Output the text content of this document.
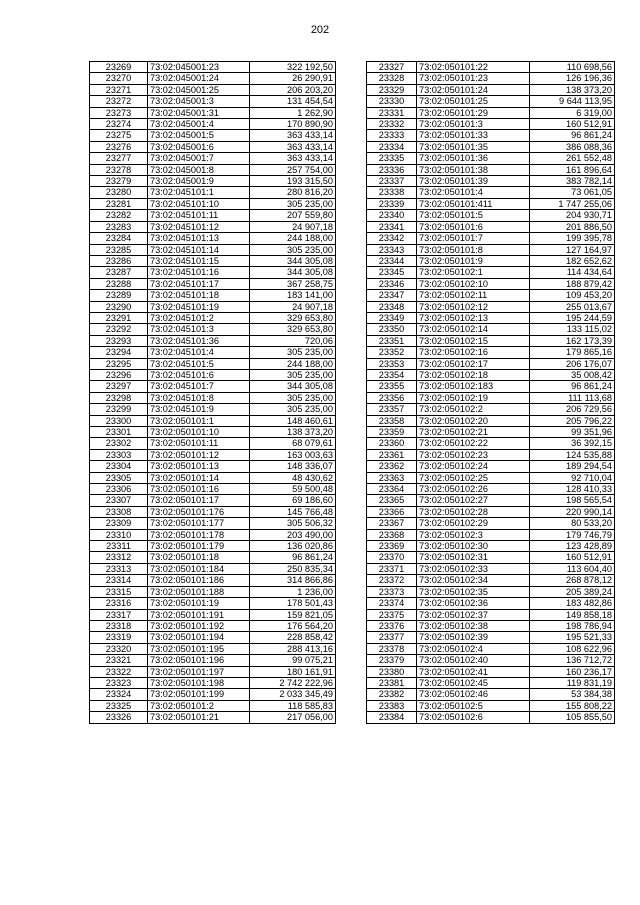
202
23269	73:02:045001:23	322 192,50
23270	73:02:045001:24	26 290,91
23271	73:02:045001:25	206 203,20
23272	73:02:045001:3	131 454,54
23273	73:02:045001:31	1 262,90
23274	73:02:045001:4	170 890,90
23275	73:02:045001:5	363 433,14
23276	73:02:045001:6	363 433,14
23277	73:02:045001:7	363 433,14
23278	73:02:045001:8	257 754,00
23279	73:02:045001:9	193 315,50
23280	73:02:045101:1	280 816,20
23281	73:02:045101:10	305 235,00
23282	73:02:045101:11	207 559,80
23283	73:02:045101:12	24 907,18
23284	73:02:045101:13	244 188,00
23285	73:02:045101:14	305 235,00
23286	73:02:045101:15	344 305,08
23287	73:02:045101:16	344 305,08
23288	73:02:045101:17	367 258,75
23289	73:02:045101:18	183 141,00
23290	73:02:045101:19	24 907,18
23291	73:02:045101:2	329 653,80
23292	73:02:045101:3	329 653,80
23293	73:02:045101:36	720,06
23294	73:02:045101:4	305 235,00
23295	73:02:045101:5	244 188,00
23296	73:02:045101:6	305 235,00
23297	73:02:045101:7	344 305,08
23298	73:02:045101:8	305 235,00
23299	73:02:045101:9	305 235,00
23300	73:02:050101:1	148 460,61
23301	73:02:050101:10	138 373,20
23302	73:02:050101:11	68 079,61
23303	73:02:050101:12	163 003,63
23304	73:02:050101:13	148 336,07
23305	73:02:050101:14	48 430,62
23306	73:02:050101:16	59 500,48
23307	73:02:050101:17	69 186,60
23308	73:02:050101:176	145 766,48
23309	73:02:050101:177	305 506,32
23310	73:02:050101:178	203 490,00
23311	73:02:050101:179	136 020,86
23312	73:02:050101:18	96 861,24
23313	73:02:050101:184	250 835,34
23314	73:02:050101:186	314 866,86
23315	73:02:050101:188	1 236,00
23316	73:02:050101:19	178 501,43
23317	73:02:050101:191	159 821,05
23318	73:02:050101:192	176 564,20
23319	73:02:050101:194	228 858,42
23320	73:02:050101:195	288 413,16
23321	73:02:050101:196	99 075,21
23322	73:02:050101:197	180 161,91
23323	73:02:050101:198	2 742 222,96
23324	73:02:050101:199	2 033 345,49
23325	73:02:050101:2	118 585,83
23326	73:02:050101:21	217 056,00
23327	73:02:050101:22	110 698,56
23328	73:02:050101:23	126 196,36
23329	73:02:050101:24	138 373,20
23330	73:02:050101:25	9 644 113,95
23331	73:02:050101:29	6 319,00
23332	73:02:050101:3	160 512,91
23333	73:02:050101:33	96 861,24
23334	73:02:050101:35	386 088,36
23335	73:02:050101:36	261 552,48
23336	73:02:050101:38	161 896,64
23337	73:02:050101:39	383 782,14
23338	73:02:050101:4	73 061,05
23339	73:02:050101:411	1 747 255,06
23340	73:02:050101:5	204 930,71
23341	73:02:050101:6	201 886,50
23342	73:02:050101:7	199 395,78
23343	73:02:050101:8	127 164,97
23344	73:02:050101:9	182 652,62
23345	73:02:050102:1	114 434,64
23346	73:02:050102:10	188 879,42
23347	73:02:050102:11	109 453,20
23348	73:02:050102:12	255 013,67
23349	73:02:050102:13	195 244,59
23350	73:02:050102:14	133 115,02
23351	73:02:050102:15	162 173,39
23352	73:02:050102:16	179 865,16
23353	73:02:050102:17	206 176,07
23354	73:02:050102:18	35 008,42
23355	73:02:050102:183	96 861,24
23356	73:02:050102:19	111 113,68
23357	73:02:050102:2	206 729,56
23358	73:02:050102:20	205 796,22
23359	73:02:050102:21	99 351,96
23360	73:02:050102:22	36 392,15
23361	73:02:050102:23	124 535,88
23362	73:02:050102:24	189 294,54
23363	73:02:050102:25	92 710,04
23364	73:02:050102:26	128 410,33
23365	73:02:050102:27	198 565,54
23366	73:02:050102:28	220 990,14
23367	73:02:050102:29	80 533,20
23368	73:02:050102:3	179 746,79
23369	73:02:050102:30	123 428,89
23370	73:02:050102:31	160 512,91
23371	73:02:050102:33	113 604,40
23372	73:02:050102:34	268 878,12
23373	73:02:050102:35	205 389,24
23374	73:02:050102:36	183 482,86
23375	73:02:050102:37	149 858,18
23376	73:02:050102:38	198 786,94
23377	73:02:050102:39	195 521,33
23378	73:02:050102:4	108 622,96
23379	73:02:050102:40	136 712,72
23380	73:02:050102:41	160 236,17
23381	73:02:050102:45	119 831,19
23382	73:02:050102:46	53 384,38
23383	73:02:050102:5	155 808,22
23384	73:02:050102:6	105 855,50
